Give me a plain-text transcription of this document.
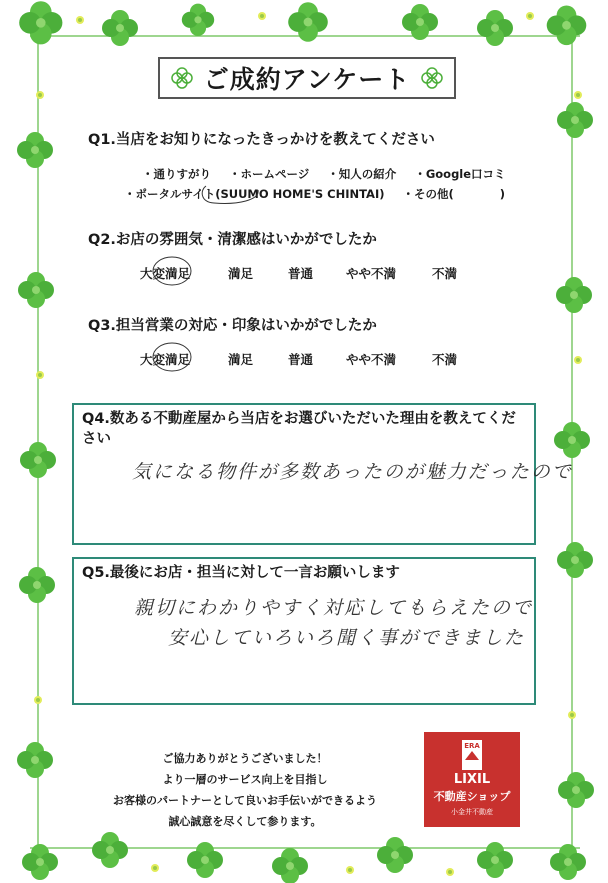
ご成約アンケート
Q1.当店をお知りになったきっかけを教えてください
・通りすがり ・ホームページ ・知人の紹介 ・Google口コミ
・ポータルサイト(SUUMO HOME'S CHINTAI) ・その他(　　　　)
Q2.お店の雰囲気・清潔感はいかがでしたか
大変満足	満足	普通	やや不満	不満
Q3.担当営業の対応・印象はいかがでしたか
大変満足	満足	普通	やや不満	不満
Q4.数ある不動産屋から当店をお選びいただいた理由を教えてください
気になる物件が多数あったのが魅力だったので
Q5.最後にお店・担当に対して一言お願いします
親切にわかりやすく対応してもらえたので
安心していろいろ聞く事ができました
ご協力ありがとうございました！
より一層のサービス向上を目指し
お客様のパートナーとして良いお手伝いができるよう
誠心誠意を尽くして参ります。
ERA
LIXIL
不動産ショップ
小金井不動産
